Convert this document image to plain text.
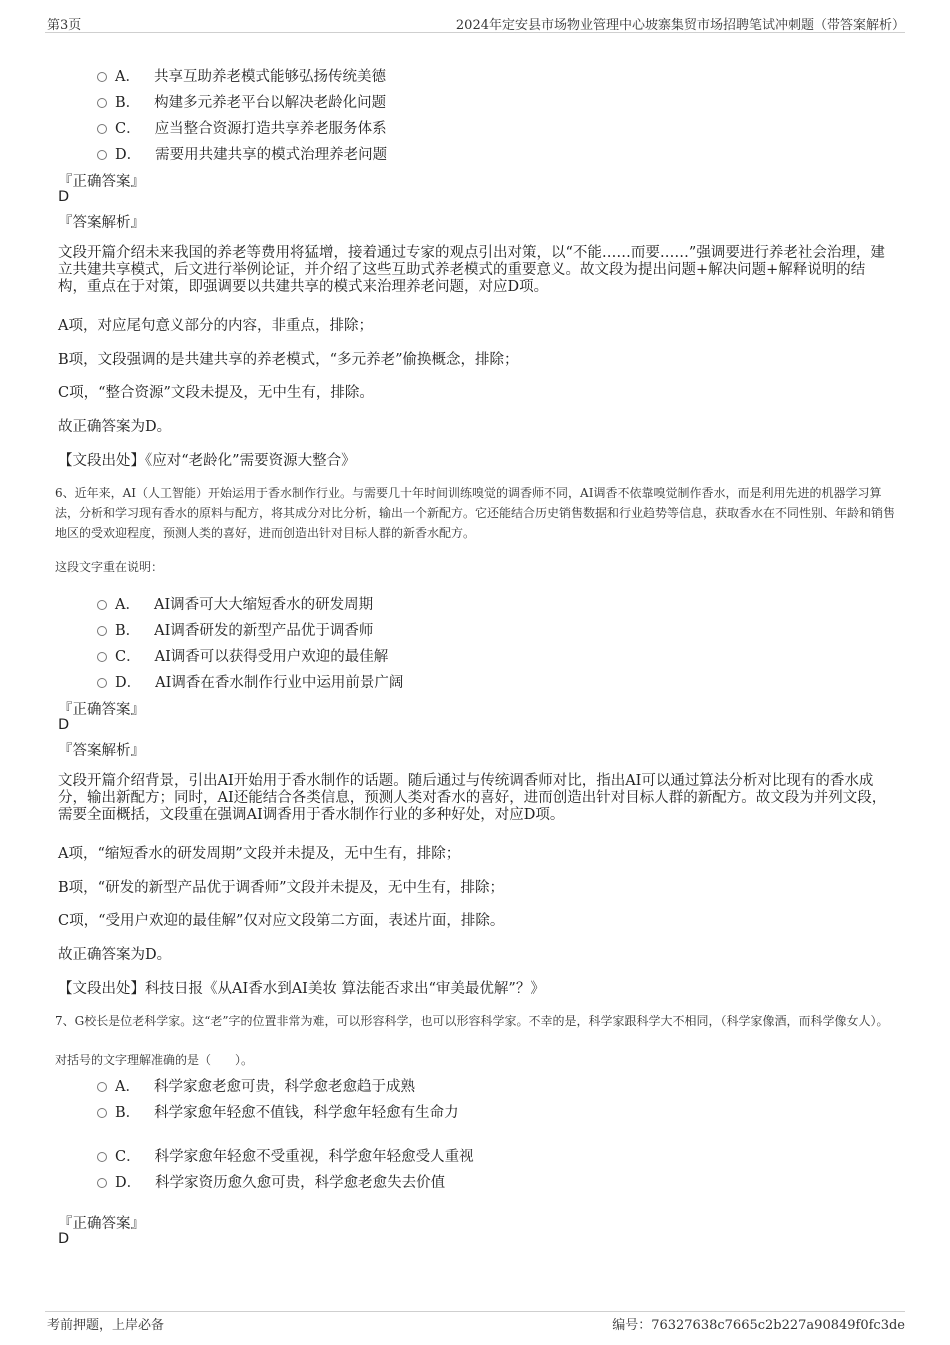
第3页	2024年定安县市场物业管理中心坡寨集贸市场招聘笔试冲刺题（带答案解析）
A． 共享互助养老模式能够弘扬传统美德
B． 构建多元养老平台以解决老龄化问题
C． 应当整合资源打造共享养老服务体系
D． 需要用共建共享的模式治理养老问题
『正确答案』
D
『答案解析』
文段开篇介绍未来我国的养老等费用将猛增，接着通过专家的观点引出对策，以“不能……而要……”强调要进行养老社会治理，建立共建共享模式，后文进行举例论证，并介绍了这些互助式养老模式的重要意义。故文段为提出问题+解决问题+解释说明的结构，重点在于对策，即强调要以共建共享的模式来治理养老问题，对应D项。
A项，对应尾句意义部分的内容，非重点，排除；
B项，文段强调的是共建共享的养老模式，“多元养老”偷换概念，排除；
C项，“整合资源”文段未提及，无中生有，排除。
故正确答案为D。
【文段出处】《应对“老龄化”需要资源大整合》
6、近年来，AI（人工智能）开始运用于香水制作行业。与需要几十年时间训练嗅觉的调香师不同，AI调香不依靠嗅觉制作香水，而是利用先进的机器学习算法，分析和学习现有香水的原料与配方，将其成分对比分析，输出一个新配方。它还能结合历史销售数据和行业趋势等信息，获取香水在不同性别、年龄和销售地区的受欢迎程度，预测人类的喜好，进而创造出针对目标人群的新香水配方。
这段文字重在说明：
A． AI调香可大大缩短香水的研发周期
B． AI调香研发的新型产品优于调香师
C． AI调香可以获得受用户欢迎的最佳解
D． AI调香在香水制作行业中运用前景广阔
『正确答案』
D
『答案解析』
文段开篇介绍背景，引出AI开始用于香水制作的话题。随后通过与传统调香师对比，指出AI可以通过算法分析对比现有的香水成分，输出新配方；同时，AI还能结合各类信息，预测人类对香水的喜好，进而创造出针对目标人群的新配方。故文段为并列文段，需要全面概括，文段重在强调AI调香用于香水制作行业的多种好处，对应D项。
A项，“缩短香水的研发周期”文段并未提及，无中生有，排除；
B项，“研发的新型产品优于调香师”文段并未提及，无中生有，排除；
C项，“受用户欢迎的最佳解”仅对应文段第二方面，表述片面，排除。
故正确答案为D。
【文段出处】科技日报《从AI香水到AI美妆 算法能否求出“审美最优解”？》
7、G校长是位老科学家。这“老”字的位置非常为难，可以形容科学，也可以形容科学家。不幸的是，科学家跟科学大不相同，（科学家像酒，而科学像女人）。
对括号的文字理解准确的是（　　）。
A． 科学家愈老愈可贵，科学愈老愈趋于成熟
B． 科学家愈年轻愈不值钱，科学愈年轻愈有生命力
C． 科学家愈年轻愈不受重视，科学愈年轻愈受人重视
D． 科学家资历愈久愈可贵，科学愈老愈失去价值
『正确答案』
D
考前押题，上岸必备	编号：76327638c7665c2b227a90849f0fc3de
